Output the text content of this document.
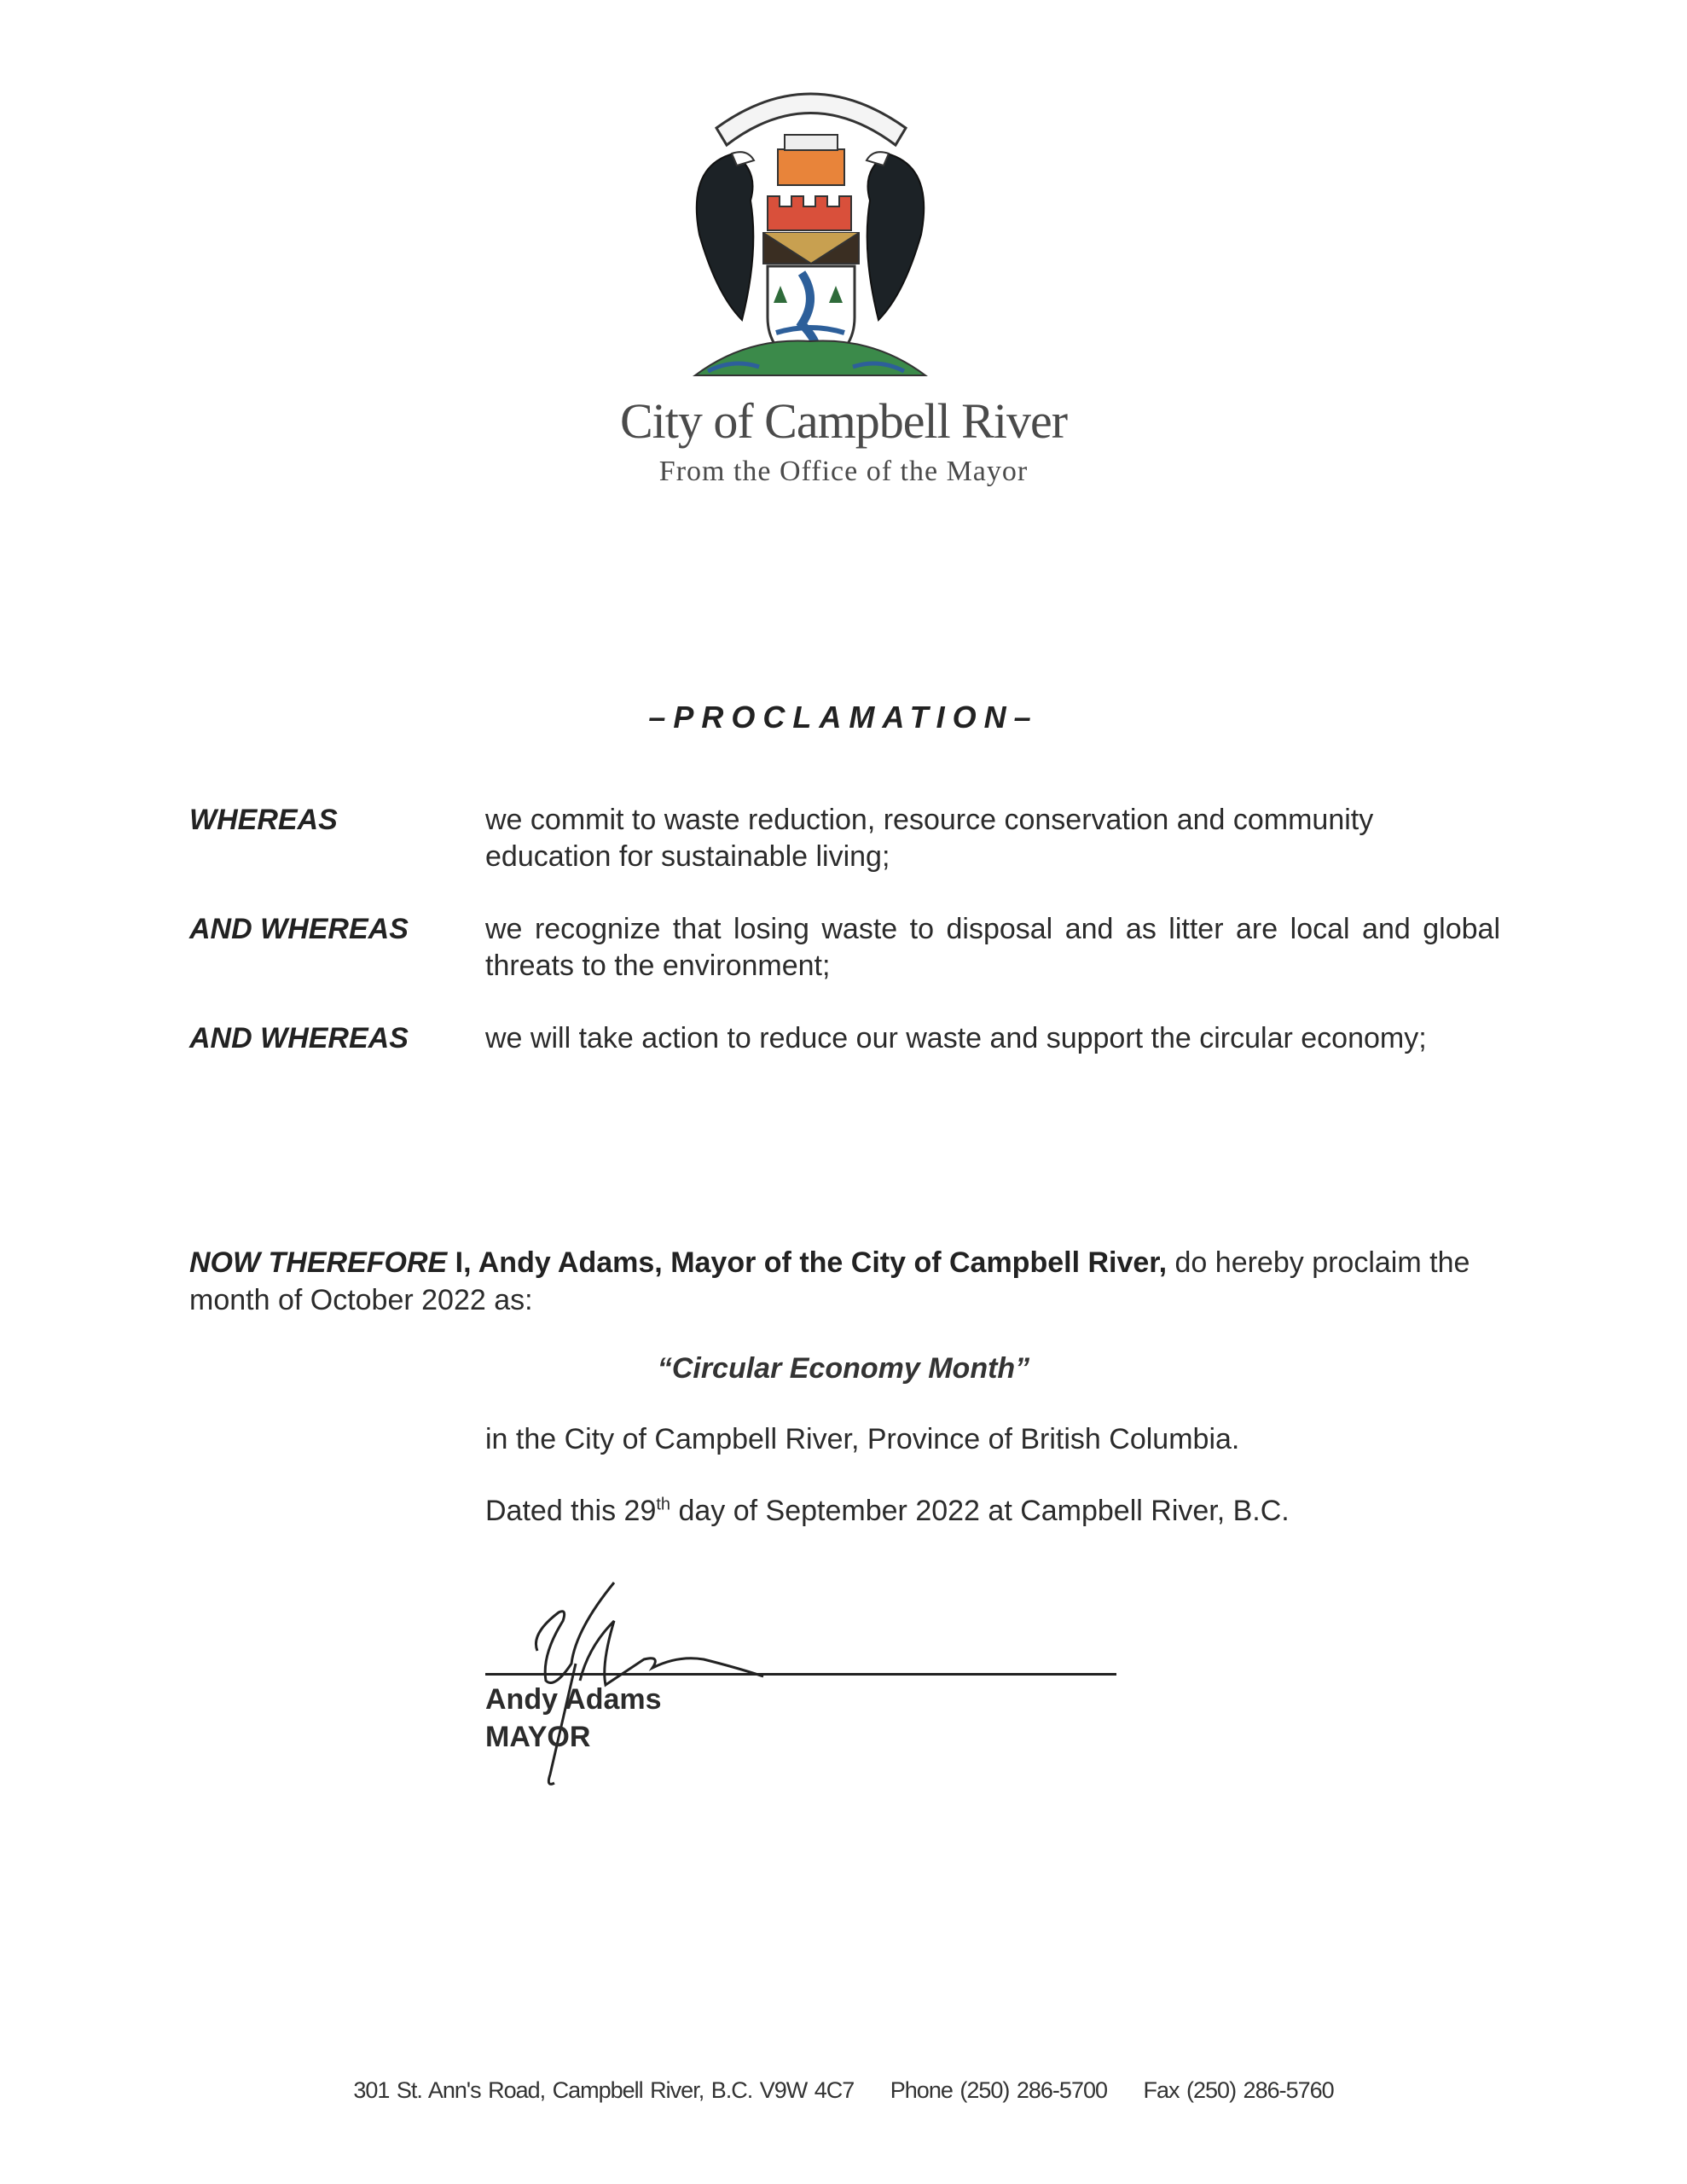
City of Campbell River
From the Office of the Mayor
–PROCLAMATION–
WHEREAS	we commit to waste reduction, resource conservation and community education for sustainable living;
AND WHEREAS	we recognize that losing waste to disposal and as litter are local and global threats to the environment;
AND WHEREAS	we will take action to reduce our waste and support the circular economy;
NOW THEREFORE I, Andy Adams, Mayor of the City of Campbell River, do hereby proclaim the month of October 2022 as:
“Circular Economy Month”
in the City of Campbell River, Province of British Columbia.
Dated this 29th day of September 2022 at Campbell River, B.C.
Andy Adams
MAYOR
301 St. Ann's Road, Campbell River, B.C. V9W 4C7 Phone (250) 286-5700 Fax (250) 286-5760
